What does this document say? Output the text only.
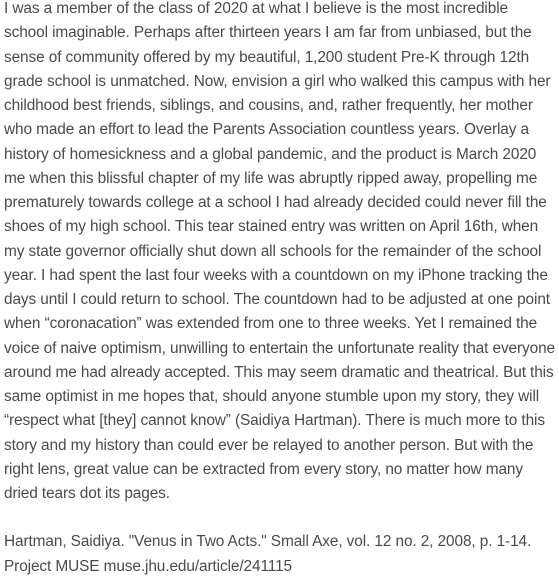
I was a member of the class of 2020 at what I believe is the most incredible school imaginable. Perhaps after thirteen years I am far from unbiased, but the sense of community offered by my beautiful, 1,200 student Pre-K through 12th grade school is unmatched. Now, envision a girl who walked this campus with her childhood best friends, siblings, and cousins, and, rather frequently, her mother who made an effort to lead the Parents Association countless years. Overlay a history of homesickness and a global pandemic, and the product is March 2020 me when this blissful chapter of my life was abruptly ripped away, propelling me prematurely towards college at a school I had already decided could never fill the shoes of my high school. This tear stained entry was written on April 16th, when my state governor officially shut down all schools for the remainder of the school year. I had spent the last four weeks with a countdown on my iPhone tracking the days until I could return to school. The countdown had to be adjusted at one point when “coronacation” was extended from one to three weeks. Yet I remained the voice of naive optimism, unwilling to entertain the unfortunate reality that everyone around me had already accepted. This may seem dramatic and theatrical. But this same optimist in me hopes that, should anyone stumble upon my story, they will “respect what [they] cannot know” (Saidiya Hartman). There is much more to this story and my history than could ever be relayed to another person. But with the right lens, great value can be extracted from every story, no matter how many dried tears dot its pages.

Hartman, Saidiya. "Venus in Two Acts." Small Axe, vol. 12 no. 2, 2008, p. 1-14. Project MUSE muse.jhu.edu/article/241115
